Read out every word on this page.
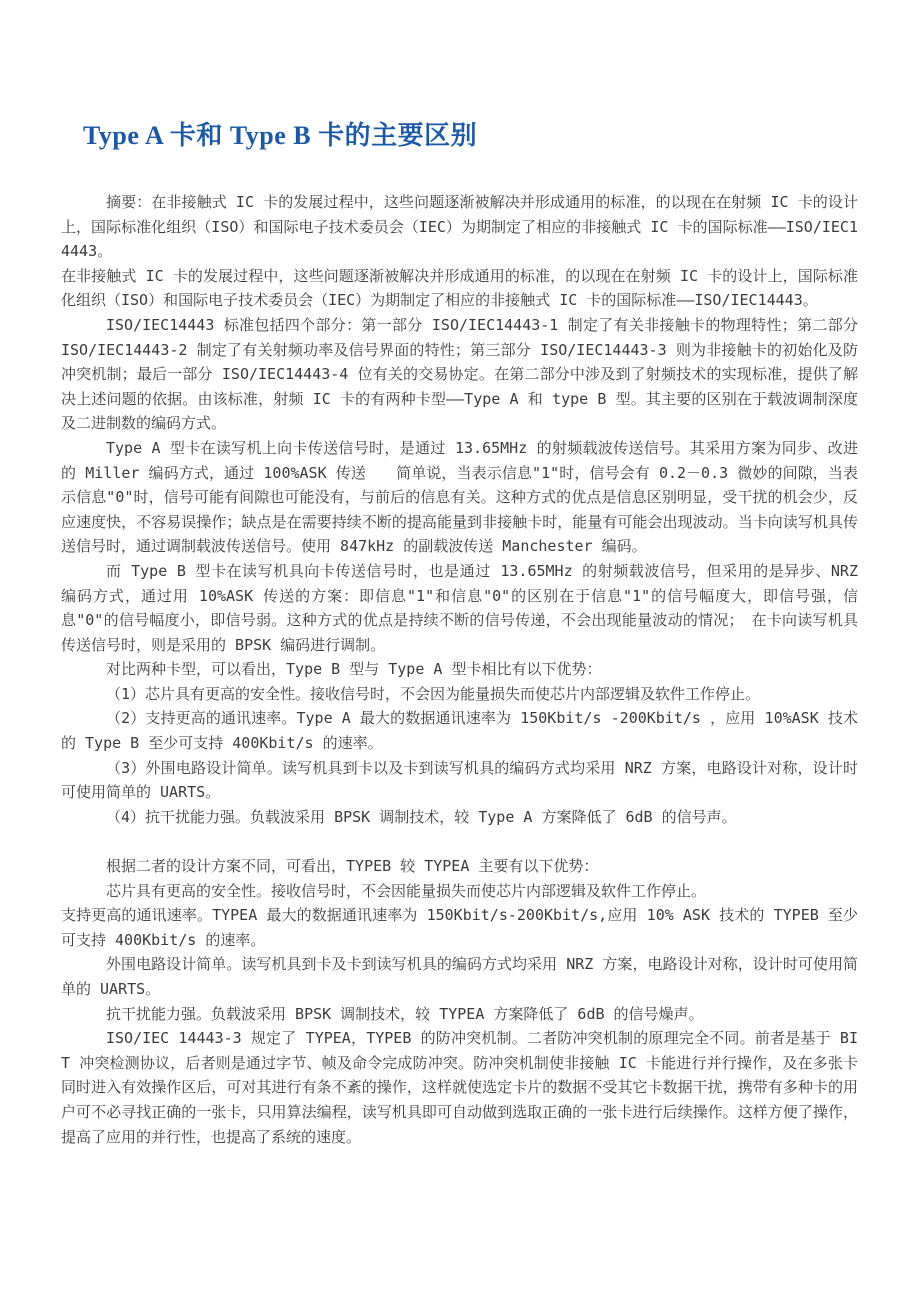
Type A 卡和 Type B 卡的主要区别

摘要：在非接触式 IC 卡的发展过程中，这些问题逐渐被解决并形成通用的标准，的以现在在射频 IC 卡的设计上，国际标准化组织（ISO）和国际电子技术委员会（IEC）为期制定了相应的非接触式 IC 卡的国际标准——ISO/IEC14443。

在非接触式 IC 卡的发展过程中，这些问题逐渐被解决并形成通用的标准，的以现在在射频 IC 卡的设计上，国际标准化组织（ISO）和国际电子技术委员会（IEC）为期制定了相应的非接触式 IC 卡的国际标准——ISO/IEC14443。

ISO/IEC14443 标准包括四个部分：第一部分 ISO/IEC14443-1 制定了有关非接触卡的物理特性；第二部分 ISO/IEC14443-2 制定了有关射频功率及信号界面的特性；第三部分 ISO/IEC14443-3 则为非接触卡的初始化及防冲突机制；最后一部分 ISO/IEC14443-4 位有关的交易协定。在第二部分中涉及到了射频技术的实现标准，提供了解决上述问题的依据。由该标准，射频 IC 卡的有两种卡型——Type A 和 type B 型。其主要的区别在于载波调制深度及二进制数的编码方式。

Type A 型卡在读写机上向卡传送信号时，是通过 13.65MHz 的射频载波传送信号。其采用方案为同步、改进的 Miller 编码方式，通过 100%ASK 传送　　简单说，当表示信息"1"时，信号会有 0.2－0.3 微妙的间隙，当表示信息"0"时，信号可能有间隙也可能没有，与前后的信息有关。这种方式的优点是信息区别明显，受干扰的机会少，反应速度快，不容易误操作；缺点是在需要持续不断的提高能量到非接触卡时，能量有可能会出现波动。当卡向读写机具传送信号时，通过调制载波传送信号。使用 847kHz 的副载波传送 Manchester 编码。

而 Type B 型卡在读写机具向卡传送信号时，也是通过 13.65MHz 的射频载波信号，但采用的是异步、NRZ 编码方式，通过用 10%ASK 传送的方案：即信息"1"和信息"0"的区别在于信息"1"的信号幅度大，即信号强，信息"0"的信号幅度小，即信号弱。这种方式的优点是持续不断的信号传递，不会出现能量波动的情况；　在卡向读写机具传送信号时，则是采用的 BPSK 编码进行调制。

对比两种卡型，可以看出，Type B 型与 Type A 型卡相比有以下优势：

（1）芯片具有更高的安全性。接收信号时，不会因为能量损失而使芯片内部逻辑及软件工作停止。

（2）支持更高的通讯速率。Type A 最大的数据通讯速率为 150Kbit/s -200Kbit/s ，应用 10%ASK 技术的 Type B 至少可支持 400Kbit/s 的速率。

（3）外围电路设计简单。读写机具到卡以及卡到读写机具的编码方式均采用 NRZ 方案，电路设计对称，设计时可使用简单的 UARTS。

（4）抗干扰能力强。负载波采用 BPSK 调制技术，较 Type A 方案降低了 6dB 的信号声。

根据二者的设计方案不同，可看出，TYPEB 较 TYPEA 主要有以下优势：

芯片具有更高的安全性。接收信号时，不会因能量损失而使芯片内部逻辑及软件工作停止。

支持更高的通讯速率。TYPEA 最大的数据通讯速率为 150Kbit/s-200Kbit/s,应用 10% ASK 技术的 TYPEB 至少可支持 400Kbit/s 的速率。

外围电路设计简单。读写机具到卡及卡到读写机具的编码方式均采用 NRZ 方案，电路设计对称，设计时可使用简单的 UARTS。

抗干扰能力强。负载波采用 BPSK 调制技术，较 TYPEA 方案降低了 6dB 的信号燥声。

ISO/IEC 14443-3 规定了 TYPEA，TYPEB 的防冲突机制。二者防冲突机制的原理完全不同。前者是基于 BIT 冲突检测协议，后者则是通过字节、帧及命令完成防冲突。防冲突机制使非接触 IC 卡能进行并行操作，及在多张卡同时进入有效操作区后，可对其进行有条不紊的操作，这样就使选定卡片的数据不受其它卡数据干扰，携带有多种卡的用户可不必寻找正确的一张卡，只用算法编程，读写机具即可自动做到选取正确的一张卡进行后续操作。这样方便了操作，提高了应用的并行性，也提高了系统的速度。
